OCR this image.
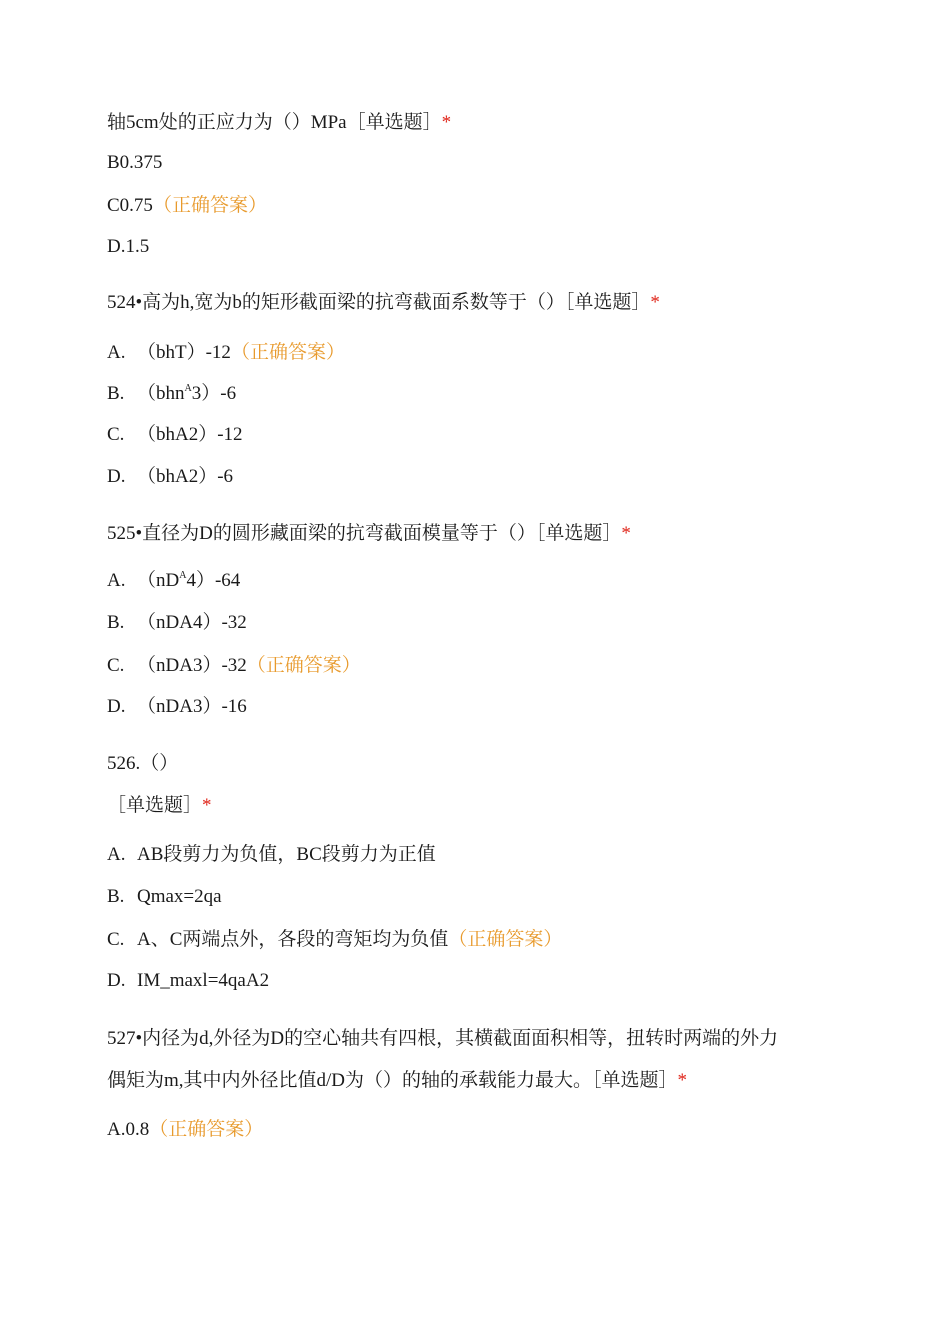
轴5cm处的正应力为（）MPa［单选题］*
B0.375
C0.75（正确答案）
D.1.5
524•高为h,宽为b的矩形截面梁的抗弯截面系数等于（）［单选题］*
A. （bhT）-12（正确答案）
B. （bhn$^A$3）-6
C. （bhA2）-12
D. （bhA2）-6
525•直径为D的圆形藏面梁的抗弯截面模量等于（）［单选题］*
A. $(nD^A4)-64$
B. （nDA4）-32
C. （nDA3）-32（正确答案）
D. （nDA3）-16
526.（）
［单选题］*
A. AB段剪力为负值，BC段剪力为正值
B. Qmax=2qa
C. A、C两端点外，各段的弯矩均为负值（正确答案）
D. IM_maxl=4qaA2
527•内径为d,外径为D的空心轴共有四根，其横截面面积相等，扭转时两端的外力
偶矩为m,其中内外径比值d/D为（）的轴的承载能力最大。［单选题］*
A.0.8（正确答案）
